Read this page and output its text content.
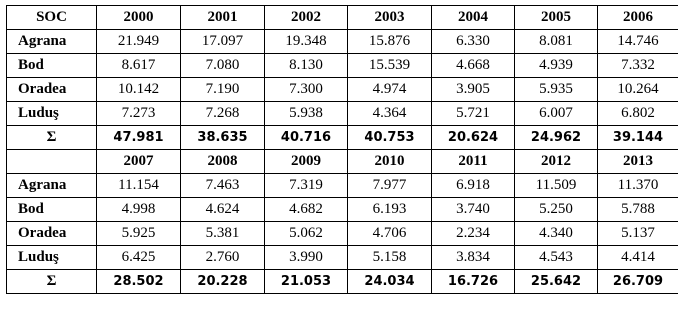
SOC	2000	2001	2002	2003	2004	2005	2006
Agrana	21.949	17.097	19.348	15.876	6.330	8.081	14.746
Bod	8.617	7.080	8.130	15.539	4.668	4.939	7.332
Oradea	10.142	7.190	7.300	4.974	3.905	5.935	10.264
Luduş	7.273	7.268	5.938	4.364	5.721	6.007	6.802
Σ	47.981	38.635	40.716	40.753	20.624	24.962	39.144
	2007	2008	2009	2010	2011	2012	2013
Agrana	11.154	7.463	7.319	7.977	6.918	11.509	11.370
Bod	4.998	4.624	4.682	6.193	3.740	5.250	5.788
Oradea	5.925	5.381	5.062	4.706	2.234	4.340	5.137
Luduş	6.425	2.760	3.990	5.158	3.834	4.543	4.414
Σ	28.502	20.228	21.053	24.034	16.726	25.642	26.709
